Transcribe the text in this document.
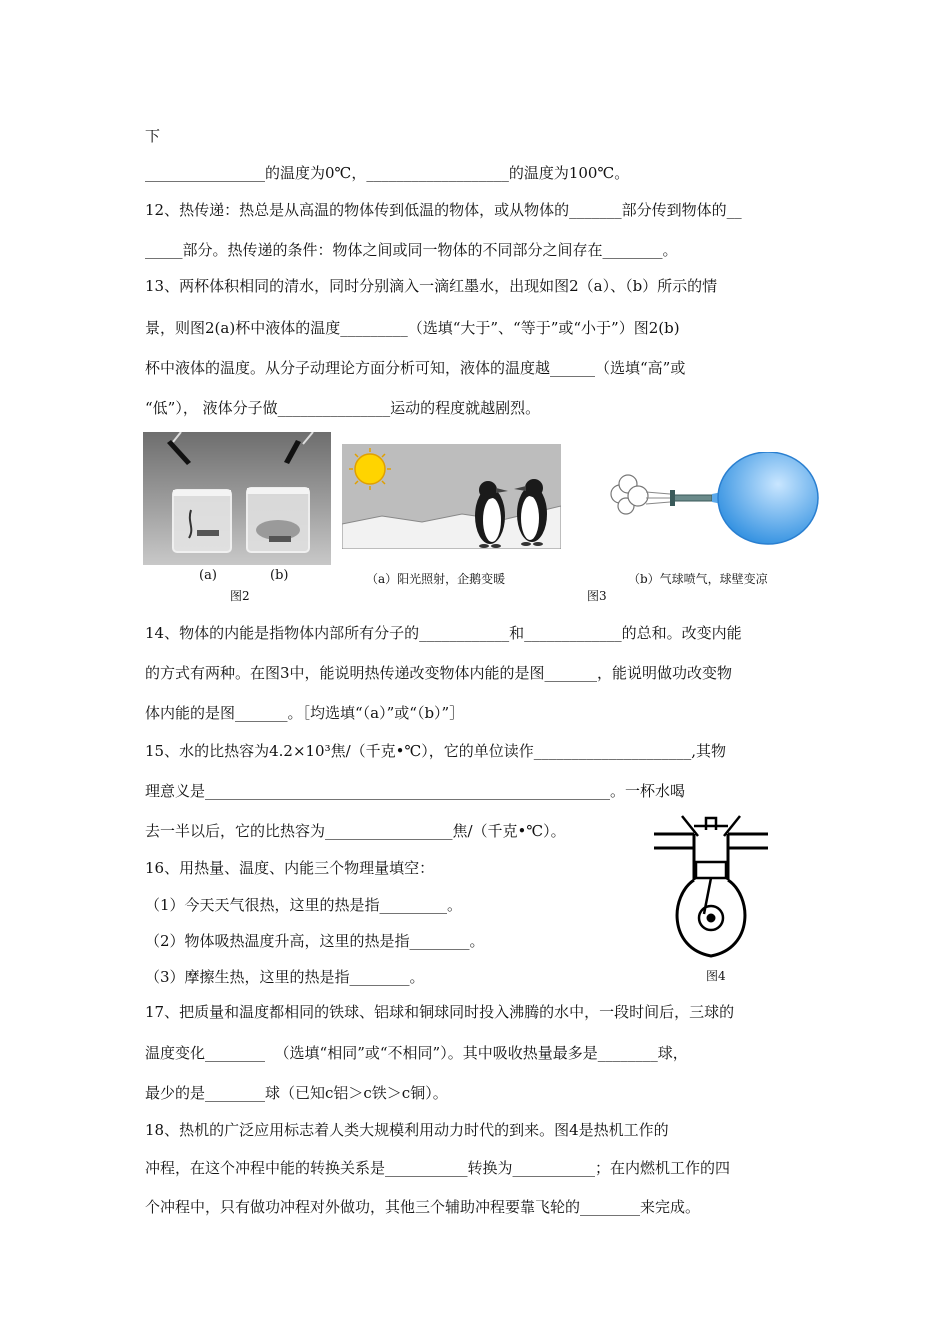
下
________________的温度为0℃，___________________的温度为100℃。
12、热传递：热总是从高温的物体传到低温的物体，或从物体的_______部分传到物体的__
_____部分。热传递的条件：物体之间或同一物体的不同部分之间存在________。
13、两杯体积相同的清水，同时分别滴入一滴红墨水，出现如图2（a）、（b）所示的情
景，则图2(a)杯中液体的温度_________（选填“大于”、“等于”或“小于”）图2(b)
杯中液体的温度。从分子动理论方面分析可知，液体的温度越______（选填“高”或
“低”）， 液体分子做_______________运动的程度就越剧烈。
(a)	(b)
图2
（a）阳光照射，企鹅变暖	（b）气球喷气，球壁变凉
图3
14、物体的内能是指物体内部所有分子的____________和_____________的总和。改变内能
的方式有两种。在图3中，能说明热传递改变物体内能的是图_______，能说明做功改变物
体内能的是图_______。［均选填“（a）”或“（b）”］
15、水的比热容为4.2×10³焦/（千克•℃），它的单位读作_____________________,其物
理意义是______________________________________________________。一杯水喝
去一半以后，它的比热容为_________________焦/（千克•℃）。
16、用热量、温度、内能三个物理量填空：
（1）今天天气很热，这里的热是指_________。
（2）物体吸热温度升高，这里的热是指________。
（3）摩擦生热，这里的热是指________。	图4
17、把质量和温度都相同的铁球、铝球和铜球同时投入沸腾的水中，一段时间后，三球的
温度变化________  （选填“相同”或“不相同”）。其中吸收热量最多是________球，
最少的是________球（已知c铝＞c铁＞c铜）。
18、热机的广泛应用标志着人类大规模利用动力时代的到来。图4是热机工作的
冲程，在这个冲程中能的转换关系是___________转换为___________；在内燃机工作的四
个冲程中，只有做功冲程对外做功，其他三个辅助冲程要靠飞轮的________来完成。
